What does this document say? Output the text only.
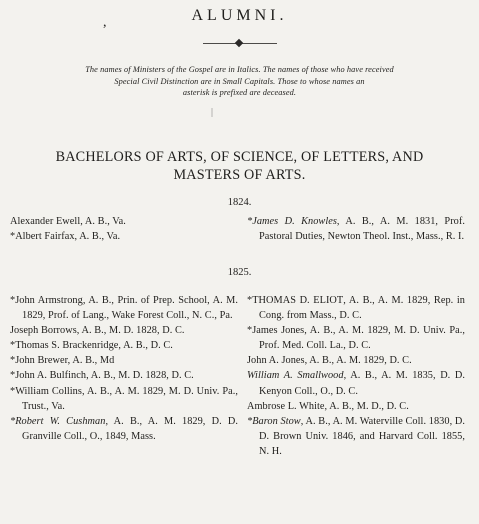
,	ALUMNI.
The names of Ministers of the Gospel are in Italics. The names of those who have received
Special Civil Distinction are in Small Capitals. Those to whose names an
asterisk is prefixed are deceased.
BACHELORS OF ARTS, OF SCIENCE, OF LETTERS, AND
MASTERS OF ARTS.
1824.
Alexander Ewell, A. B., Va.
*Albert Fairfax, A. B., Va.
*James D. Knowles, A. B., A. M. 1831, Prof. Pastoral Duties, Newton Theol. Inst., Mass., R. I.
1825.
*John Armstrong, A. B., Prin. of Prep. School, A. M. 1829, Prof. of Lang., Wake Forest Coll., N. C., Pa.
Joseph Borrows, A. B., M. D. 1828, D. C.
*Thomas S. Brackenridge, A. B., D. C.
*John Brewer, A. B., Md
*John A. Bulfinch, A. B., M. D. 1828, D. C.
*William Collins, A. B., A. M. 1829, M. D. Univ. Pa., Trust., Va.
*Robert W. Cushman, A. B., A. M. 1829, D. D. Granville Coll., O., 1849, Mass.
*THOMAS D. ELIOT, A. B., A. M. 1829, Rep. in Cong. from Mass., D. C.
*James Jones, A. B., A. M. 1829, M. D. Univ. Pa., Prof. Med. Coll. La., D. C.
John A. Jones, A. B., A. M. 1829, D. C.
William A. Smallwood, A. B., A. M. 1835, D. D. Kenyon Coll., O., D. C.
Ambrose L. White, A. B., M. D., D. C.
*Baron Stow, A. B., A. M. Waterville Coll. 1830, D. D. Brown Univ. 1846, and Harvard Coll. 1855, N. H.
